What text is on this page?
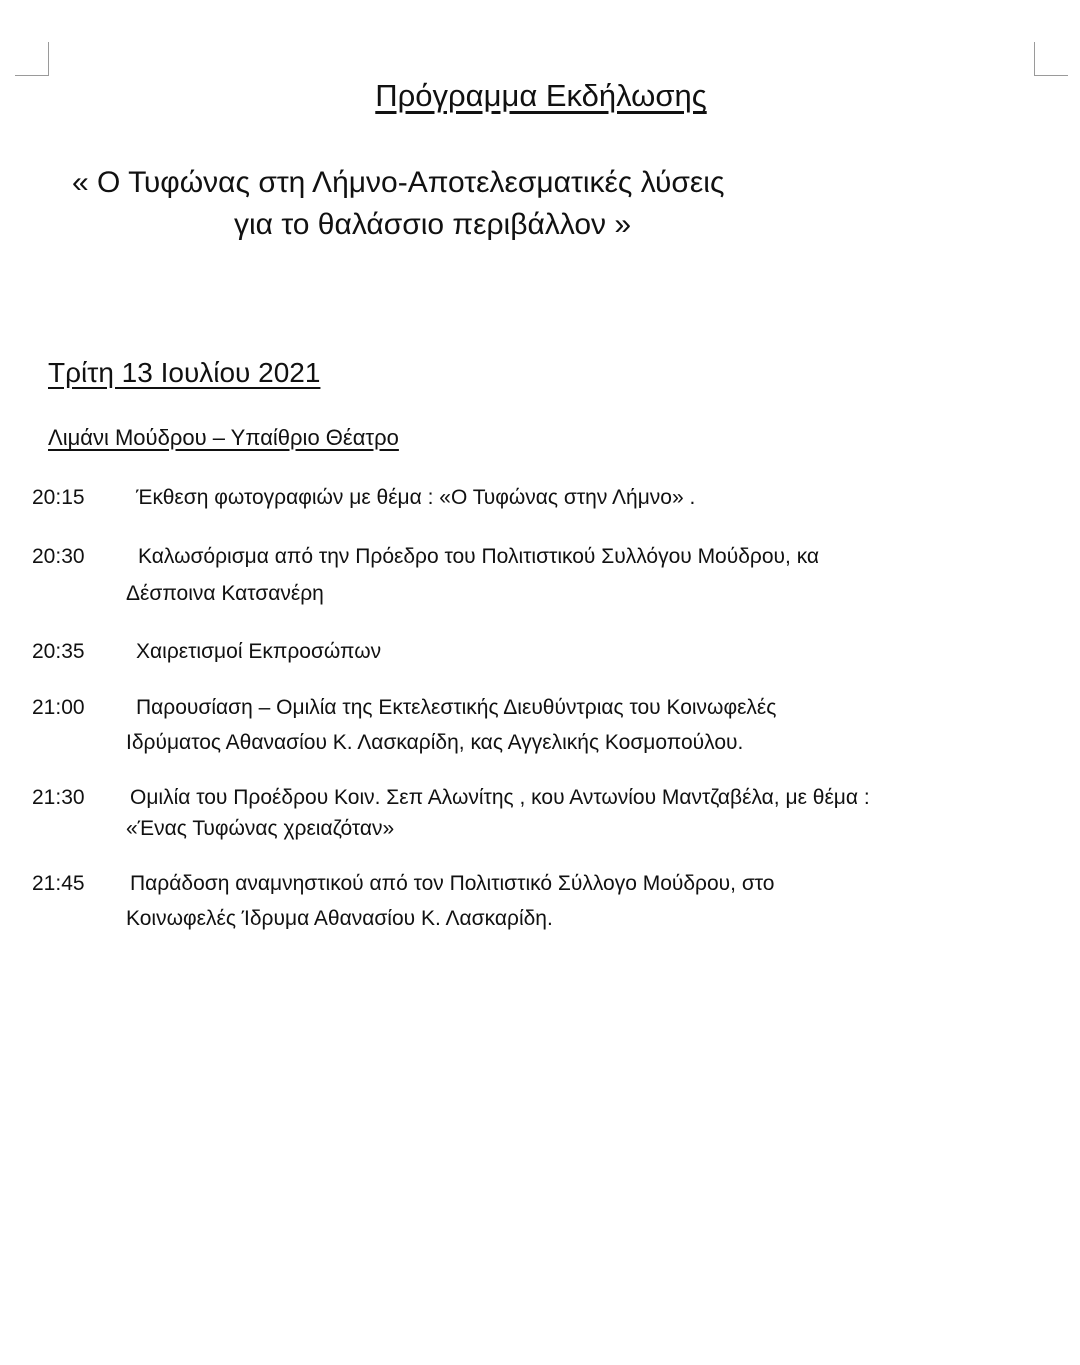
Πρόγραμμα Εκδήλωσης
« Ο Τυφώνας στη Λήμνο-Αποτελεσματικές λύσεις
για το θαλάσσιο περιβάλλον »
Τρίτη 13 Ιουλίου 2021
Λιμάνι Μούδρου – Υπαίθριο Θέατρο
20:15 Έκθεση φωτογραφιών με θέμα : «Ο Τυφώνας στην Λήμνο» .
20:30	Καλωσόρισμα από την Πρόεδρο του Πολιτιστικού Συλλόγου Μούδρου, κα
Δέσποινα Κατσανέρη
20:35 Χαιρετισμοί Εκπροσώπων
21:00 Παρουσίαση – Ομιλία της Εκτελεστικής Διευθύντριας του Κοινωφελές
Ιδρύματος Αθανασίου Κ. Λασκαρίδη, κας Αγγελικής Κοσμοπούλου.
21:30 Ομιλία του Προέδρου Κοιν. Σεπ Αλωνίτης , κου Αντωνίου Μαντζαβέλα, με θέμα :
«Ένας Τυφώνας χρειαζόταν»
21:45 Παράδοση αναμνηστικού από τον Πολιτιστικό Σύλλογο Μούδρου, στο
Κοινωφελές Ίδρυμα Αθανασίου Κ. Λασκαρίδη.
